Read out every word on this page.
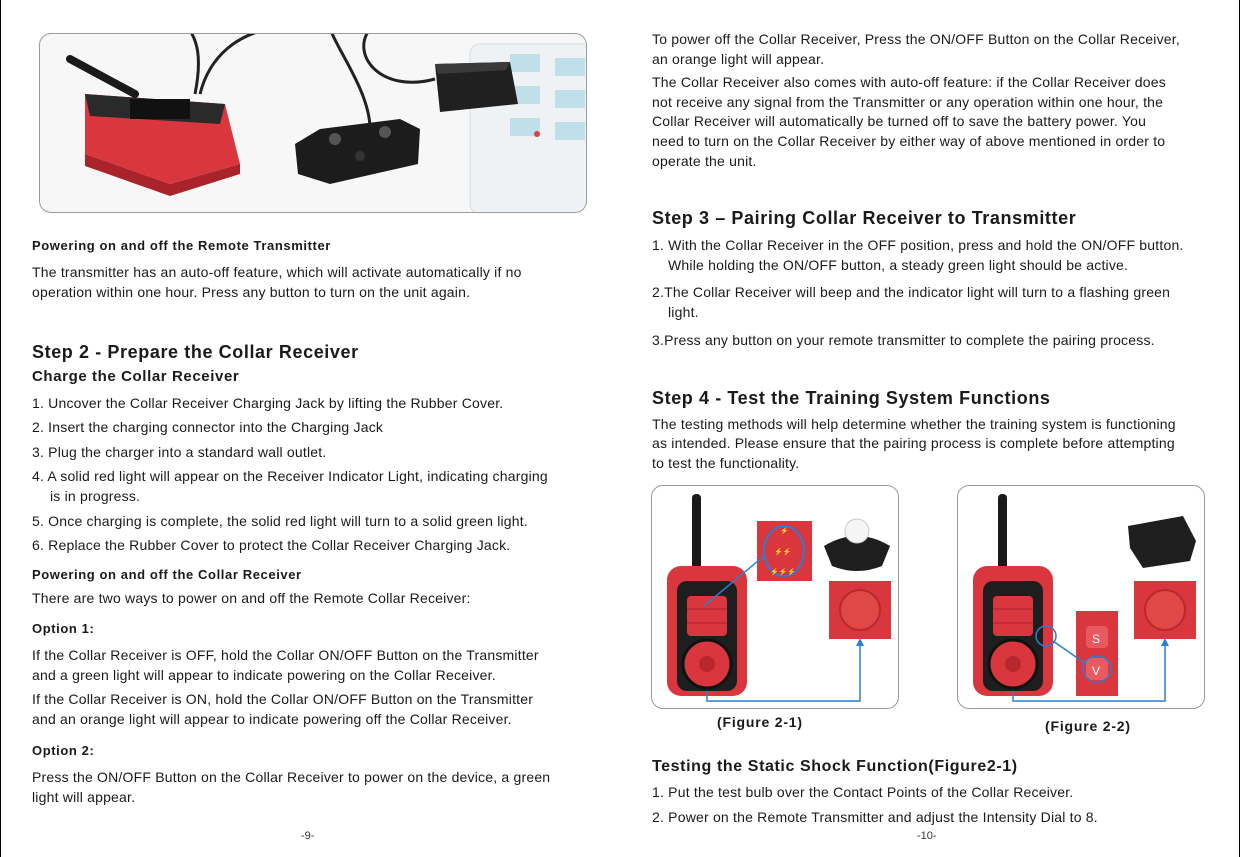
Powering on and off the Remote Transmitter
The transmitter has an auto-off feature, which will activate automatically if no
operation within one hour. Press any button to turn on the unit again.
Step 2 - Prepare the Collar Receiver
Charge the Collar Receiver
1. Uncover the Collar Receiver Charging Jack by lifting the Rubber Cover.
2. Insert the charging connector into the Charging Jack
3. Plug the charger into a standard wall outlet.
4. A solid red light will appear on the Receiver Indicator Light, indicating charging
is in progress.
5. Once charging is complete, the solid red light will turn to a solid green light.
6. Replace the Rubber Cover to protect the Collar Receiver Charging Jack.
Powering on and off the Collar Receiver
There are two ways to power on and off the Remote Collar Receiver:
Option 1:
If the Collar Receiver is OFF, hold the Collar ON/OFF Button on the Transmitter
and a green light will appear to indicate powering on the Collar Receiver.
If the Collar Receiver is ON, hold the Collar ON/OFF Button on the Transmitter
and an orange light will appear to indicate powering off the Collar Receiver.
Option 2:
Press the ON/OFF Button on the Collar Receiver to power on the device, a green
light will appear.
-9-
To power off the Collar Receiver, Press the ON/OFF Button on the Collar Receiver,
an orange light will appear.
The Collar Receiver also comes with auto-off feature: if the Collar Receiver does
not receive any signal from the Transmitter or any operation within one hour, the
Collar Receiver will automatically be turned off to save the battery power. You
need to turn on the Collar Receiver by either way of above mentioned in order to
operate the unit.
Step 3 – Pairing Collar Receiver to Transmitter
1. With the Collar Receiver in the OFF position, press and hold the ON/OFF button.
While holding the ON/OFF button, a steady green light should be active.
2.The Collar Receiver will beep and the indicator light will turn to a flashing green
light.
3.Press any button on your remote transmitter to complete the pairing process.
Step 4 - Test the Training System Functions
The testing methods will help determine whether the training system is functioning
as intended. Please ensure that the pairing process is complete before attempting
to test the functionality.
⚡
⚡⚡
⚡⚡⚡
S
V
(Figure 2-1)	(Figure 2-2)
Testing the Static Shock Function(Figure2-1)
1. Put the test bulb over the Contact Points of the Collar Receiver.
2. Power on the Remote Transmitter and adjust the Intensity Dial to 8.
-10-
